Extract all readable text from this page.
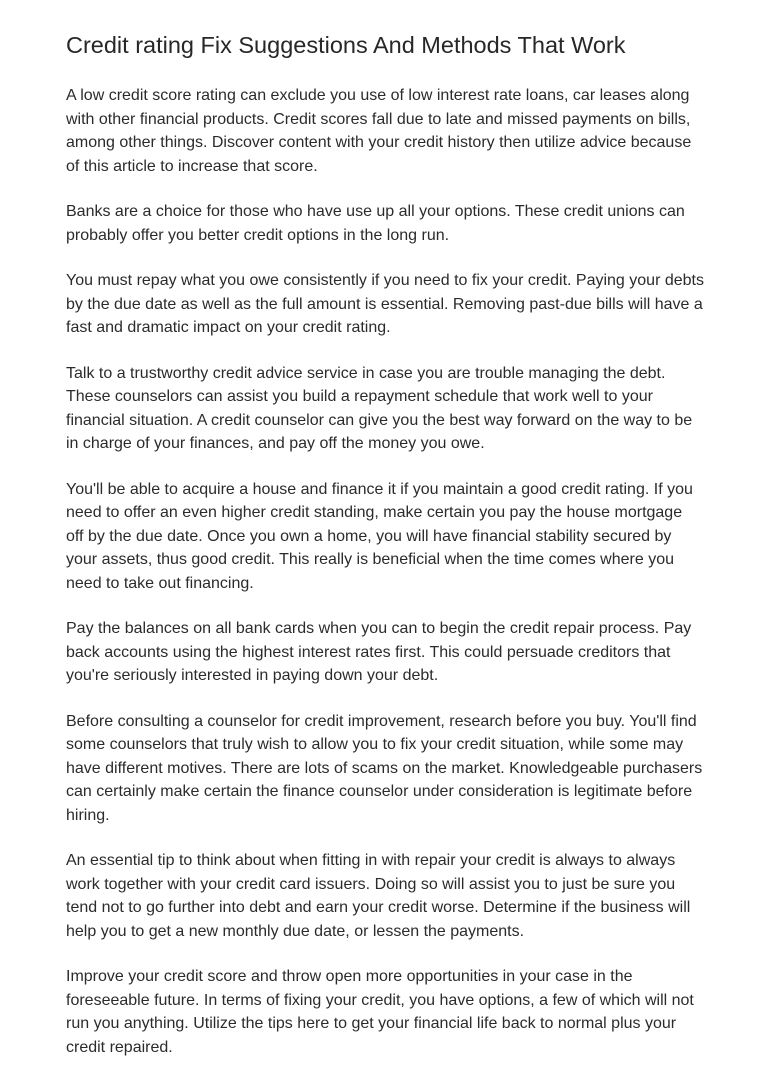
Credit rating Fix Suggestions And Methods That Work

A low credit score rating can exclude you use of low interest rate loans, car leases along with other financial products. Credit scores fall due to late and missed payments on bills, among other things. Discover content with your credit history then utilize advice because of this article to increase that score.

Banks are a choice for those who have use up all your options. These credit unions can probably offer you better credit options in the long run.

You must repay what you owe consistently if you need to fix your credit. Paying your debts by the due date as well as the full amount is essential. Removing past-due bills will have a fast and dramatic impact on your credit rating.

Talk to a trustworthy credit advice service in case you are trouble managing the debt. These counselors can assist you build a repayment schedule that work well to your financial situation. A credit counselor can give you the best way forward on the way to be in charge of your finances, and pay off the money you owe.

You'll be able to acquire a house and finance it if you maintain a good credit rating. If you need to offer an even higher credit standing, make certain you pay the house mortgage off by the due date. Once you own a home, you will have financial stability secured by your assets, thus good credit. This really is beneficial when the time comes where you need to take out financing.

Pay the balances on all bank cards when you can to begin the credit repair process. Pay back accounts using the highest interest rates first. This could persuade creditors that you're seriously interested in paying down your debt.

Before consulting a counselor for credit improvement, research before you buy. You'll find some counselors that truly wish to allow you to fix your credit situation, while some may have different motives. There are lots of scams on the market. Knowledgeable purchasers can certainly make certain the finance counselor under consideration is legitimate before hiring.

An essential tip to think about when fitting in with repair your credit is always to always work together with your credit card issuers. Doing so will assist you to just be sure you tend not to go further into debt and earn your credit worse. Determine if the business will help you to get a new monthly due date, or lessen the payments.

Improve your credit score and throw open more opportunities in your case in the foreseeable future. In terms of fixing your credit, you have options, a few of which will not run you anything. Utilize the tips here to get your financial life back to normal plus your credit repaired.
